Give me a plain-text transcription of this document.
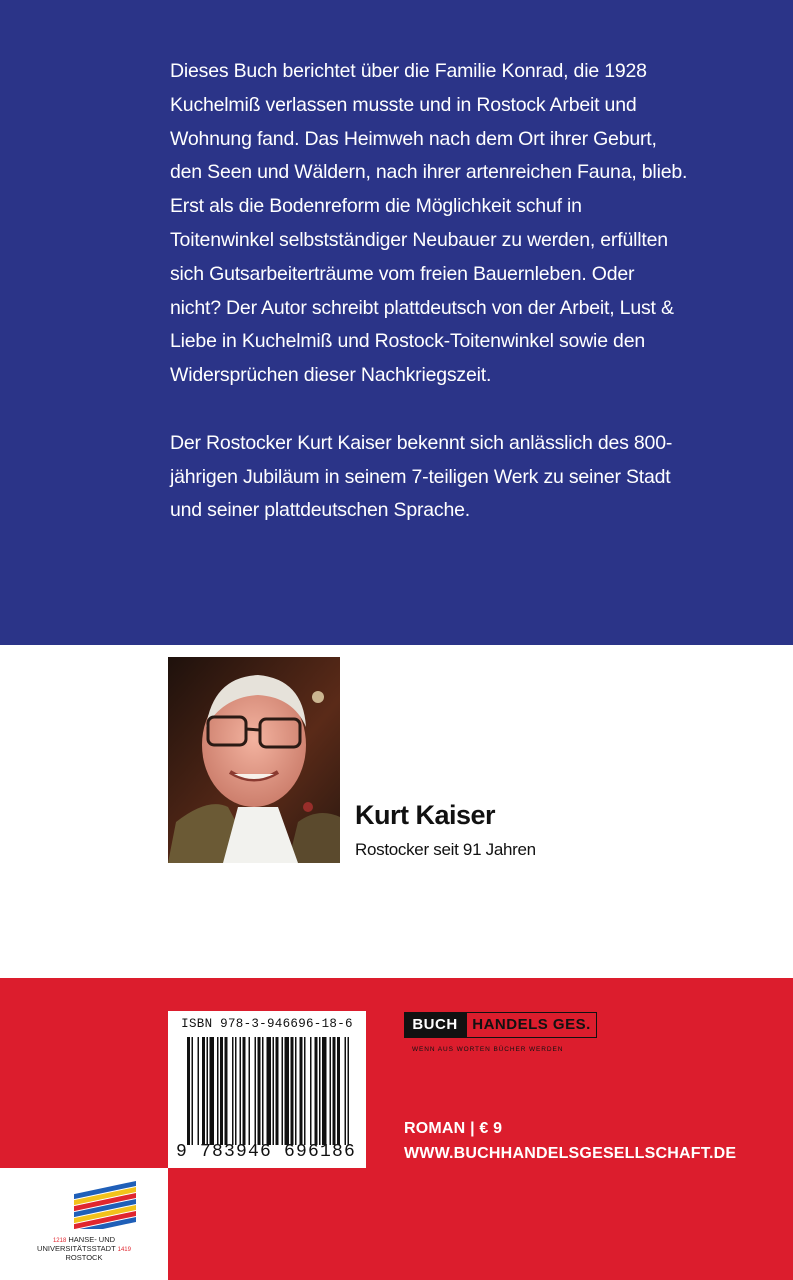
Dieses Buch berichtet über die Familie Konrad, die 1928 Kuchelmiß verlassen musste und in Rostock Arbeit und Wohnung fand. Das Heimweh nach dem Ort ihrer Geburt, den Seen und Wäldern, nach ihrer artenreichen Fauna, blieb. Erst als die Bodenreform die Möglichkeit schuf in Toitenwinkel selbstständiger Neubauer zu werden, erfüllten sich Gutsarbeiterträume vom freien Bauernleben. Oder nicht? Der Autor schreibt plattdeutsch von der Arbeit, Lust & Liebe in Kuchelmiß und Rostock-Toitenwinkel sowie den Widersprüchen dieser Nachkriegszeit.

Der Rostocker Kurt Kaiser bekennt sich anlässlich des 800-jährigen Jubiläum in seinem 7-teiligen Werk zu seiner Stadt und seiner plattdeutschen Sprache.

Kurt Kaiser
Rostocker seit 91 Jahren
ISBN 978-3-946696-18-6
9 783946 696186
BUCH HANDELS GES.
WENN AUS WORTEN BÜCHER WERDEN
ROMAN | € 9
WWW.BUCHHANDELSGESELLSCHAFT.DE
1218 HANSE- UND
UNIVERSITÄTSSTADT 1419
ROSTOCK
